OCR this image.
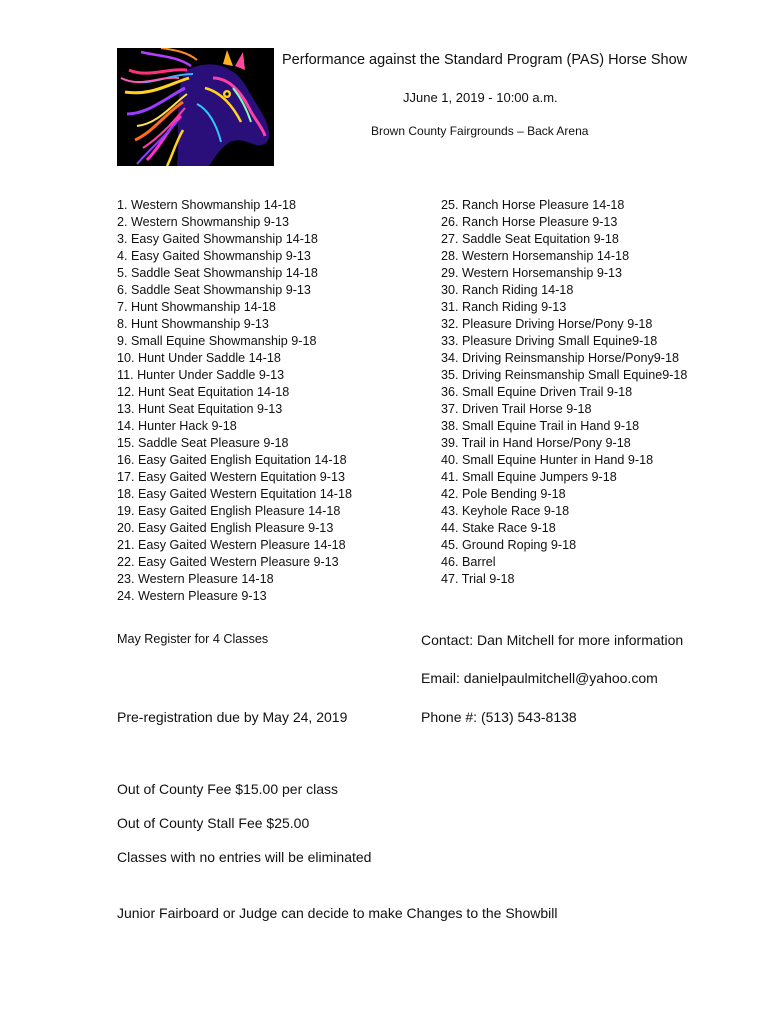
Performance against the Standard Program (PAS) Horse Show
JJune 1, 2019 - 10:00 a.m.
Brown County Fairgrounds – Back Arena
1. Western Showmanship 14-18
2. Western Showmanship 9-13
3. Easy Gaited Showmanship 14-18
4. Easy Gaited Showmanship 9-13
5. Saddle Seat Showmanship 14-18
6. Saddle Seat Showmanship 9-13
7. Hunt Showmanship 14-18
8. Hunt Showmanship 9-13
9. Small Equine Showmanship 9-18
10. Hunt Under Saddle 14-18
11. Hunter Under Saddle 9-13
12. Hunt Seat Equitation 14-18
13. Hunt Seat Equitation 9-13
14. Hunter Hack 9-18
15. Saddle Seat Pleasure 9-18
16. Easy Gaited English Equitation 14-18
17. Easy Gaited Western Equitation 9-13
18. Easy Gaited Western Equitation 14-18
19. Easy Gaited English Pleasure 14-18
20. Easy Gaited English Pleasure 9-13
21. Easy Gaited Western Pleasure 14-18
22. Easy Gaited Western Pleasure 9-13
23. Western Pleasure 14-18
24. Western Pleasure 9-13
25. Ranch Horse Pleasure 14-18
26. Ranch Horse Pleasure 9-13
27. Saddle Seat Equitation 9-18
28. Western Horsemanship 14-18
29. Western Horsemanship 9-13
30. Ranch Riding 14-18
31. Ranch Riding 9-13
32. Pleasure Driving Horse/Pony 9-18
33. Pleasure Driving Small Equine9-18
34. Driving Reinsmanship Horse/Pony9-18
35. Driving Reinsmanship Small Equine9-18
36. Small Equine Driven Trail 9-18
37. Driven Trail Horse 9-18
38. Small Equine Trail in Hand 9-18
39. Trail in Hand Horse/Pony 9-18
40. Small Equine Hunter in Hand 9-18
41. Small Equine Jumpers 9-18
42. Pole Bending 9-18
43. Keyhole Race 9-18
44. Stake Race 9-18
45. Ground Roping 9-18
46. Barrel
47. Trial 9-18
May Register for 4 Classes	Contact: Dan Mitchell for more information
Email: danielpaulmitchell@yahoo.com
Pre-registration due by May 24, 2019	Phone #: (513) 543-8138
Out of County Fee $15.00 per class
Out of County Stall Fee $25.00
Classes with no entries will be eliminated
Junior Fairboard or Judge can decide to make Changes to the Showbill
